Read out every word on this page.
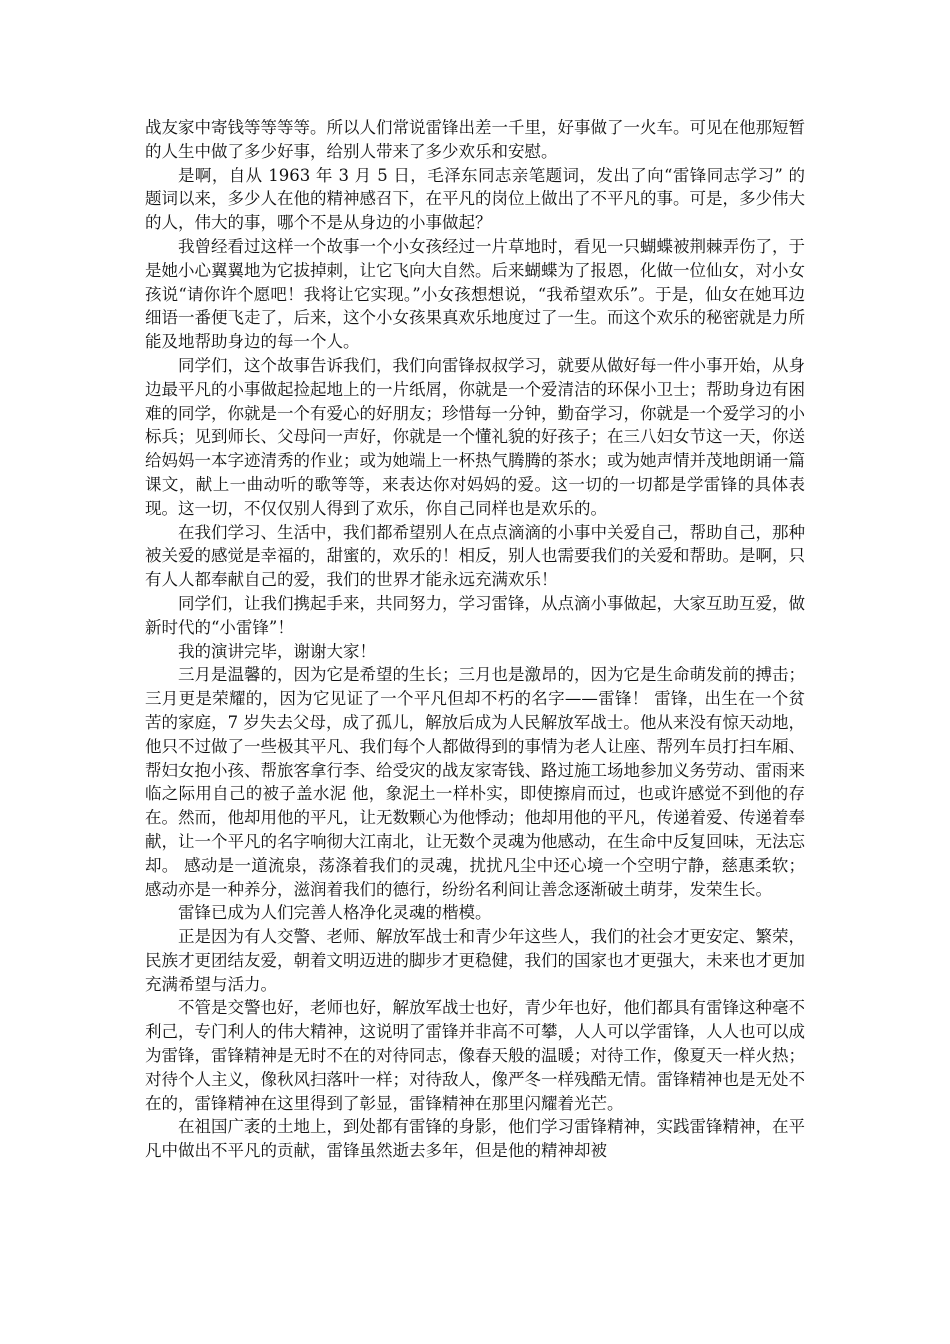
战友家中寄钱等等等等。所以人们常说雷锋出差一千里，好事做了一火车。可见在他那短暂的人生中做了多少好事，给别人带来了多少欢乐和安慰。

是啊，自从 1963 年 3 月 5 日，毛泽东同志亲笔题词，发出了向“雷锋同志学习” 的题词以来，多少人在他的精神感召下，在平凡的岗位上做出了不平凡的事。可是，多少伟大的人，伟大的事，哪个不是从身边的小事做起？

我曾经看过这样一个故事一个小女孩经过一片草地时，看见一只蝴蝶被荆棘弄伤了，于是她小心翼翼地为它拔掉刺，让它飞向大自然。后来蝴蝶为了报恩，化做一位仙女，对小女孩说“请你许个愿吧！我将让它实现。”小女孩想想说，“我希望欢乐”。于是，仙女在她耳边细语一番便飞走了，后来，这个小女孩果真欢乐地度过了一生。而这个欢乐的秘密就是力所能及地帮助身边的每一个人。

同学们，这个故事告诉我们，我们向雷锋叔叔学习，就要从做好每一件小事开始，从身边最平凡的小事做起捡起地上的一片纸屑，你就是一个爱清洁的环保小卫士；帮助身边有困难的同学，你就是一个有爱心的好朋友；珍惜每一分钟，勤奋学习，你就是一个爱学习的小标兵；见到师长、父母问一声好，你就是一个懂礼貌的好孩子；在三八妇女节这一天，你送给妈妈一本字迹清秀的作业；或为她端上一杯热气腾腾的茶水；或为她声情并茂地朗诵一篇课文，献上一曲动听的歌等等，来表达你对妈妈的爱。这一切的一切都是学雷锋的具体表现。这一切，不仅仅别人得到了欢乐，你自己同样也是欢乐的。

在我们学习、生活中，我们都希望别人在点点滴滴的小事中关爱自己，帮助自己，那种被关爱的感觉是幸福的，甜蜜的，欢乐的！相反，别人也需要我们的关爱和帮助。是啊，只有人人都奉献自己的爱，我们的世界才能永远充满欢乐！

同学们，让我们携起手来，共同努力，学习雷锋，从点滴小事做起，大家互助互爱，做新时代的“小雷锋”！

我的演讲完毕，谢谢大家！

三月是温馨的，因为它是希望的生长；三月也是激昂的，因为它是生命萌发前的搏击；三月更是荣耀的，因为它见证了一个平凡但却不朽的名字——雷锋！ 雷锋，出生在一个贫苦的家庭，7 岁失去父母，成了孤儿，解放后成为人民解放军战士。他从来没有惊天动地，他只不过做了一些极其平凡、我们每个人都做得到的事情为老人让座、帮列车员打扫车厢、帮妇女抱小孩、帮旅客拿行李、给受灾的战友家寄钱、路过施工场地参加义务劳动、雷雨来临之际用自己的被子盖水泥 他，象泥土一样朴实，即使擦肩而过，也或许感觉不到他的存在。然而，他却用他的平凡，让无数颗心为他悸动；他却用他的平凡，传递着爱、传递着奉献，让一个平凡的名字响彻大江南北，让无数个灵魂为他感动，在生命中反复回味，无法忘却。 感动是一道流泉，荡涤着我们的灵魂，扰扰凡尘中还心境一个空明宁静，慈惠柔软；感动亦是一种养分，滋润着我们的德行，纷纷名利间让善念逐渐破土萌芽，发荣生长。

雷锋已成为人们完善人格净化灵魂的楷模。

正是因为有人交警、老师、解放军战士和青少年这些人，我们的社会才更安定、繁荣，民族才更团结友爱，朝着文明迈进的脚步才更稳健，我们的国家也才更强大，未来也才更加充满希望与活力。

不管是交警也好，老师也好，解放军战士也好，青少年也好，他们都具有雷锋这种毫不利己，专门利人的伟大精神，这说明了雷锋并非高不可攀，人人可以学雷锋，人人也可以成为雷锋，雷锋精神是无时不在的对待同志，像春天般的温暖；对待工作，像夏天一样火热；对待个人主义，像秋风扫落叶一样；对待敌人，像严冬一样残酷无情。雷锋精神也是无处不在的，雷锋精神在这里得到了彰显，雷锋精神在那里闪耀着光芒。

在祖国广袤的土地上，到处都有雷锋的身影，他们学习雷锋精神，实践雷锋精神，在平凡中做出不平凡的贡献，雷锋虽然逝去多年，但是他的精神却被
